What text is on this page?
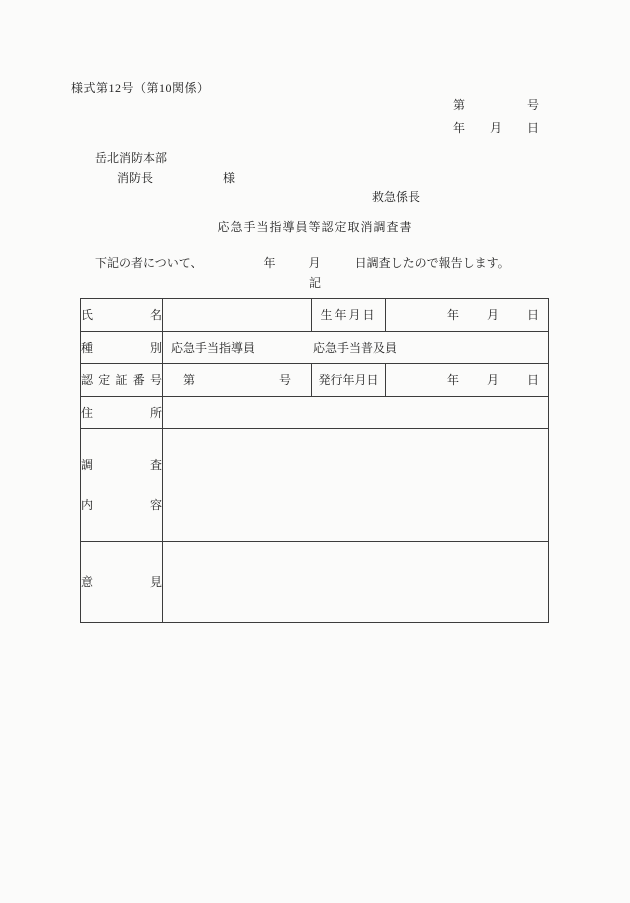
様式第12号（第10関係）
第	号
年 月 日
岳北消防本部
消防長	様
救急係長
応急手当指導員等認定取消調査書
下記の者について、	年	月	日調査したので報告します。
記
氏名		生年月日	年 月 日

種別	応急手当指導員 応急手当普及員		

認定証番号	第 号	発行年月日	年 月 日

住所			

調査
内容			

意見			
